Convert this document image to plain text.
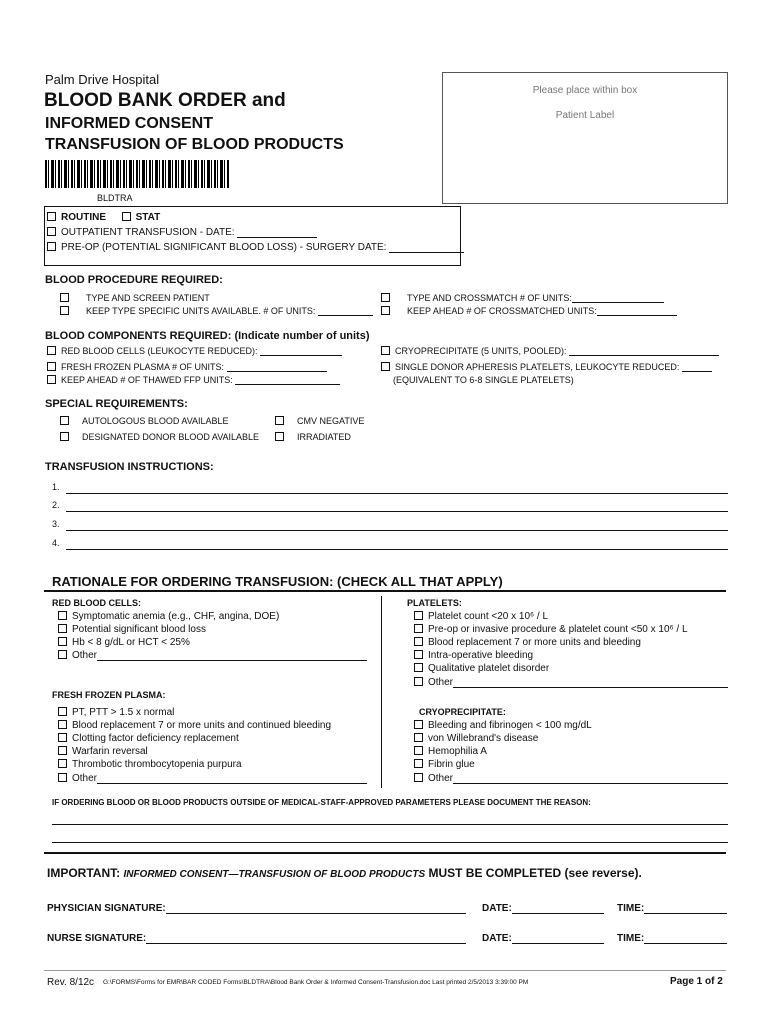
Palm Drive Hospital
BLOOD BANK ORDER and
INFORMED CONSENT
TRANSFUSION OF BLOOD PRODUCTS
BLDTRA
Please place within box
Patient Label
ROUTINE	STAT
OUTPATIENT TRANSFUSION - DATE:
PRE-OP (POTENTIAL SIGNIFICANT BLOOD LOSS) - SURGERY DATE:
BLOOD PROCEDURE REQUIRED:
TYPE AND SCREEN PATIENT
KEEP TYPE SPECIFIC UNITS AVAILABLE. # OF UNITS:
TYPE AND CROSSMATCH # OF UNITS:
KEEP AHEAD # OF CROSSMATCHED UNITS:
BLOOD COMPONENTS REQUIRED: (Indicate number of units)
RED BLOOD CELLS (LEUKOCYTE REDUCED):
FRESH FROZEN PLASMA # OF UNITS:
KEEP AHEAD # OF THAWED FFP UNITS:
CRYOPRECIPITATE (5 UNITS, POOLED):
SINGLE DONOR APHERESIS PLATELETS, LEUKOCYTE REDUCED:
(EQUIVALENT TO 6-8 SINGLE PLATELETS)
SPECIAL REQUIREMENTS:
AUTOLOGOUS BLOOD AVAILABLE
DESIGNATED DONOR BLOOD AVAILABLE
CMV NEGATIVE
IRRADIATED
TRANSFUSION INSTRUCTIONS:
1.
2.
3.
4.
RATIONALE FOR ORDERING TRANSFUSION: (CHECK ALL THAT APPLY)
RED BLOOD CELLS:
Symptomatic anemia (e.g., CHF, angina, DOE)
Potential significant blood loss
Hb < 8 g/dL or HCT < 25%
Other
FRESH FROZEN PLASMA:
PT, PTT > 1.5 x normal
Blood replacement 7 or more units and continued bleeding
Clotting factor deficiency replacement
Warfarin reversal
Thrombotic thrombocytopenia purpura
Other
PLATELETS:
Platelet count <20 x 10⁶ / L
Pre-op or invasive procedure & platelet count <50 x 10⁶ / L
Blood replacement 7 or more units and bleeding
Intra-operative bleeding
Qualitative platelet disorder
Other
CRYOPRECIPITATE:
Bleeding and fibrinogen < 100 mg/dL
von Willebrand's disease
Hemophilia A
Fibrin glue
Other
IF ORDERING BLOOD OR BLOOD PRODUCTS OUTSIDE OF MEDICAL-STAFF-APPROVED PARAMETERS PLEASE DOCUMENT THE REASON:
IMPORTANT: INFORMED CONSENT—TRANSFUSION OF BLOOD PRODUCTS MUST BE COMPLETED (see reverse).
PHYSICIAN SIGNATURE:	DATE:	TIME:
NURSE SIGNATURE:	DATE:	TIME:
Rev. 8/12c G:\FORMS\Forms for EMR\BAR CODED Forms\BLDTRA\Blood Bank Order & Informed Consent-Transfusion.doc Last printed 2/5/2013 3:39:00 PM	Page 1 of 2
